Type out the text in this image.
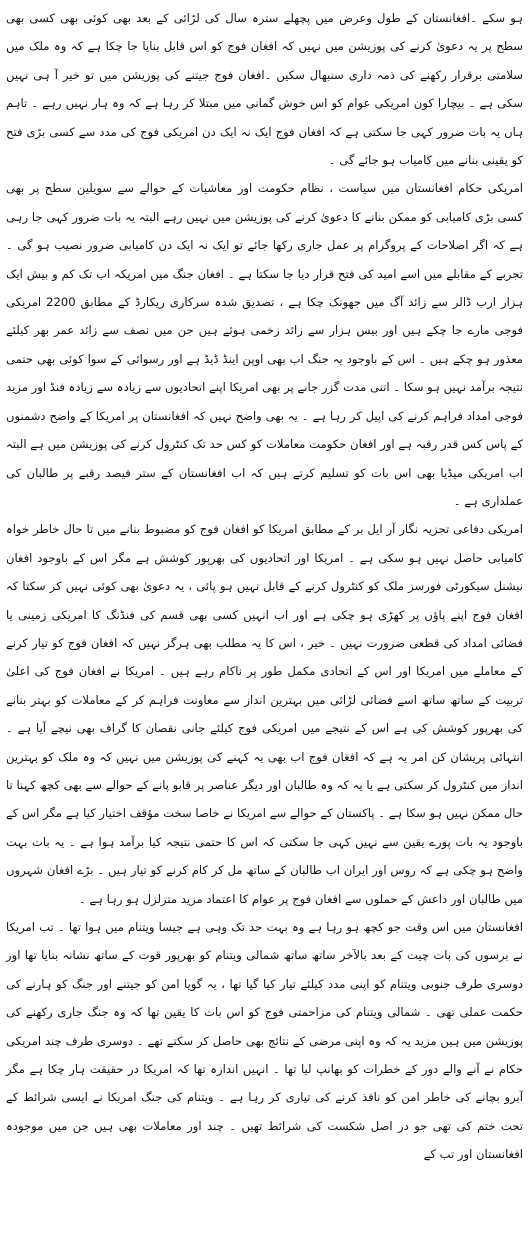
ہو سکے ۔افغانستان کے طول وعرض میں پچھلے سترہ سال کی لڑائی کے بعد بھی کوئی بھی کسی بھی سطح پر یہ دعویٰ کرنے کی پوزیشن میں نہیں کہ افغان فوج کو اس قابل بنایا جا چکا ہے کہ وہ ملک میں سلامتی برقرار رکھنے کی ذمہ داری سنبھال سکیں ۔افغان فوج جیتنے کی پوزیشن میں تو خیر آ ہی نہیں سکی ہے ۔ بیچارا کون امریکی عوام کو اس خوش گمانی میں مبتلا کر رہا ہے کہ وہ ہار نہیں رہے ۔ تاہم ہاں یہ بات ضرور کہی جا سکتی ہے کہ افغان فوج ایک نہ ایک دن امریکی فوج کی مدد سے کسی بڑی فتح کو یقینی بنانے میں کامیاب ہو جائے گی ۔

امریکی حکام افغانستان میں سیاست ، نظام حکومت اور معاشیات کے حوالے سے سویلین سطح پر بھی کسی بڑی کامیابی کو ممکن بنانے کا دعویٰ کرنے کی پوزیشن میں نہیں رہے البتہ یہ بات ضرور کہی جا رہی ہے کہ اگر اصلاحات کے پروگرام پر عمل جاری رکھا جائے تو ایک نہ ایک دن کامیابی ضرور نصیب ہو گی ۔ تجربے کے مقابلے میں اسے امید کی فتح قرار دیا جا سکتا ہے ۔ افغان جنگ میں امریکہ اب تک کم و بیش ایک ہزار ارب ڈالر سے زائد آگ میں جھونک چکا ہے ، تصدیق شدہ سرکاری ریکارڈ کے مطابق 2200 امریکی فوجی مارے جا چکے ہیں اور بیس ہزار سے زائد زخمی ہوئے ہیں جن میں نصف سے زائد عمر بھر کیلئے معذور ہو چکے ہیں ۔ اس کے باوجود یہ جنگ اب بھی اوپن اینڈ ڈیڈ ہے اور رسوائی کے سوا کوئی بھی حتمی نتیجہ برآمد نہیں ہو سکا ۔ اتنی مدت گزر جانے پر بھی امریکا اپنے اتحادیوں سے زیادہ سے زیادہ فنڈ اور مزید فوجی امداد فراہم کرنے کی اپیل کر رہا ہے ۔ یہ بھی واضح نہیں کہ افغانستان پر امریکا کے واضح دشمنوں کے پاس کس قدر رقبہ ہے اور افغان حکومت معاملات کو کس حد تک کنٹرول کرنے کی پوزیشن میں ہے البتہ اب امریکی میڈیا بھی اس بات کو تسلیم کرتے ہیں کہ اب افغانستان کے ستر فیصد رقبے پر طالبان کی عملداری ہے ۔

امریکی دفاعی تجزیہ نگار آر ایل بر کے مطابق امریکا کو افغان فوج کو مضبوط بنانے میں تا حال خاطر خواہ کامیابی حاصل نہیں ہو سکی ہے ۔ امریکا اور اتحادیوں کی بھرپور کوشش ہے مگر اس کے باوجود افغان نیشنل سیکورٹی فورسز ملک کو کنٹرول کرنے کے قابل نہیں ہو پائی ، یہ دعویٰ بھی کوئی نہیں کر سکتا کہ افغان فوج اپنے پاؤں پر کھڑی ہو چکی ہے اور اب انہیں کسی بھی قسم کی فنڈنگ کا امریکی زمینی یا فضائی امداد کی قطعی ضرورت نہیں ۔ خیر ، اس کا یہ مطلب بھی ہرگز نہیں کہ افغان فوج کو تیار کرنے کے معاملے میں امریکا اور اس کے اتحادی مکمل طور پر ناکام رہے ہیں ۔ امریکا نے افغان فوج کی اعلیٰ تربیت کے ساتھ ساتھ اسے فضائی لڑائی میں بہترین انداز سے معاونت فراہم کر کے معاملات کو بہتر بنانے کی بھرپور کوشش کی ہے اس کے نتیجے میں امریکی فوج کیلئے جانی نقصان کا گراف بھی نیچے آیا ہے ۔ انتہائی پریشان کن امر یہ ہے کہ افغان فوج اب بھی یہ کہنے کی پوزیشن میں نہیں کہ وہ ملک کو بہترین انداز میں کنٹرول کر سکتی ہے یا یہ کہ وہ طالبان اور دیگر عناصر پر قابو پانے کے حوالے سے بھی کچھ کہنا تا حال ممکن نہیں ہو سکا ہے ۔ پاکستان کے حوالے سے امریکا نے خاصا سخت مؤقف اختیار کیا ہے مگر اس کے باوجود یہ بات پورے یقین سے نہیں کہی جا سکتی کہ اس کا حتمی نتیجہ کیا برآمد ہوا ہے ۔ یہ بات بہت واضح ہو چکی ہے کہ روس اور ایران اب طالبان کے ساتھ مل کر کام کرنے کو تیار ہیں ۔ بڑے افغان شہروں میں طالبان اور داعش کے حملوں سے افغان فوج پر عوام کا اعتماد مزید متزلزل ہو رہا ہے ۔

افغانستان میں اس وقت جو کچھ ہو رہا ہے وہ بہت حد تک وہی ہے جیسا ویتنام میں ہوا تھا ۔ تب امریکا نے برسوں کی بات چیت کے بعد بالآخر ساتھ ساتھ شمالی ویتنام کو بھرپور قوت کے ساتھ نشانہ بنایا تھا اور دوسری طرف جنوبی ویتنام کو اپنی مدد کیلئے تیار کیا گیا تھا ، یہ گویا امن کو جیتنے اور جنگ کو ہارنے کی حکمت عملی تھی ۔ شمالی ویتنام کی مزاحمتی فوج کو اس بات کا یقین تھا کہ وہ جنگ جاری رکھنے کی پوزیشن میں ہیں مزید یہ کہ وہ اپنی مرضی کے نتائج بھی حاصل کر سکتے تھے ۔ دوسری طرف چند امریکی حکام نے آنے والے دور کے خطرات کو بھانپ لیا تھا ۔ انہیں اندازہ تھا کہ امریکا در حقیقت ہار چکا ہے مگر آبرو بچانے کی خاطر امن کو نافذ کرنے کی تیاری کر رہا ہے ۔ ویتنام کی جنگ امریکا نے ایسی شرائط کے تحت ختم کی تھی جو در اصل شکست کی شرائط تھیں ۔ چند اور معاملات بھی ہیں جن میں موجودہ افغانستان اور تب کے
